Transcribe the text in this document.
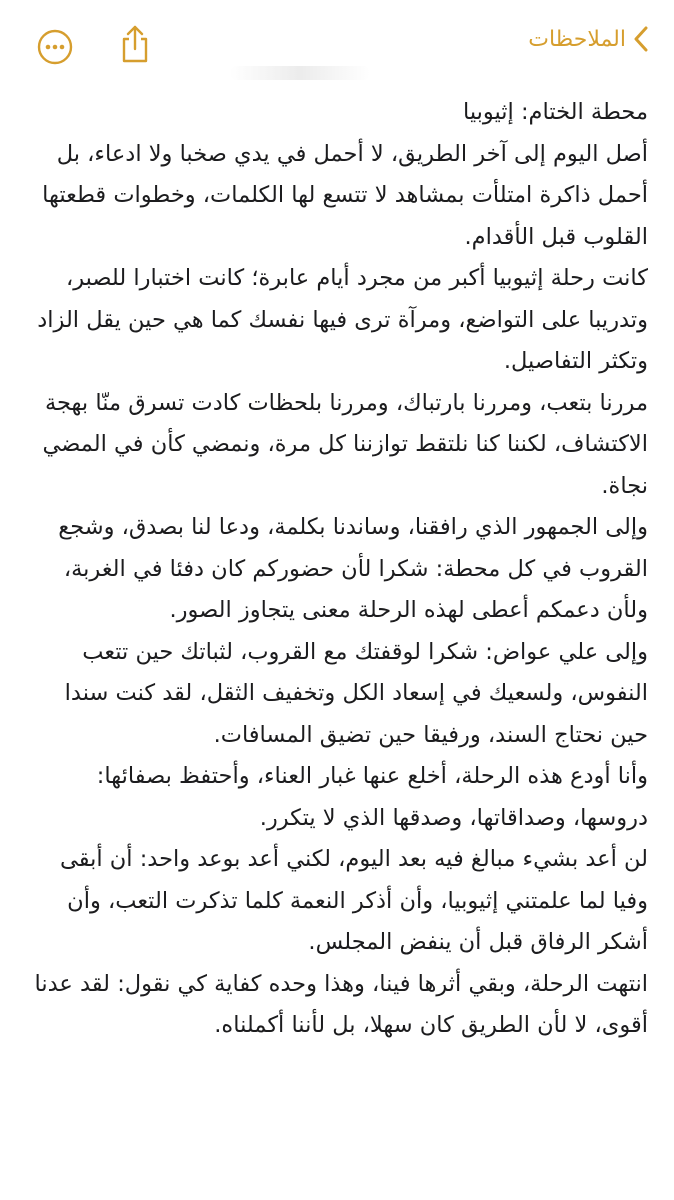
الملاحظات

محطة الختام: إثيوبيا

أصل اليوم إلى آخر الطريق، لا أحمل في يدي صخبا ولا ادعاء، بل أحمل ذاكرة امتلأت بمشاهد لا تتسع لها الكلمات، وخطوات قطعتها القلوب قبل الأقدام.

كانت رحلة إثيوبيا أكبر من مجرد أيام عابرة؛ كانت اختبارا للصبر، وتدريبا على التواضع، ومرآة ترى فيها نفسك كما هي حين يقل الزاد وتكثر التفاصيل.

مررنا بتعب، ومررنا بارتباك، ومررنا بلحظات كادت تسرق منّا بهجة الاكتشاف، لكننا كنا نلتقط توازننا كل مرة، ونمضي كأن في المضي نجاة.

وإلى الجمهور الذي رافقنا، وساندنا بكلمة، ودعا لنا بصدق، وشجع القروب في كل محطة: شكرا لأن حضوركم كان دفئا في الغربة، ولأن دعمكم أعطى لهذه الرحلة معنى يتجاوز الصور.

وإلى علي عواض: شكرا لوقفتك مع القروب، لثباتك حين تتعب النفوس، ولسعيك في إسعاد الكل وتخفيف الثقل، لقد كنت سندا حين نحتاج السند، ورفيقا حين تضيق المسافات.

وأنا أودع هذه الرحلة، أخلع عنها غبار العناء، وأحتفظ بصفائها: دروسها، وصداقاتها، وصدقها الذي لا يتكرر.

لن أعد بشيء مبالغ فيه بعد اليوم، لكني أعد بوعد واحد: أن أبقى وفيا لما علمتني إثيوبيا، وأن أذكر النعمة كلما تذكرت التعب، وأن أشكر الرفاق قبل أن ينفض المجلس.

انتهت الرحلة، وبقي أثرها فينا، وهذا وحده كفاية كي نقول: لقد عدنا أقوى، لا لأن الطريق كان سهلا، بل لأننا أكملناه.
